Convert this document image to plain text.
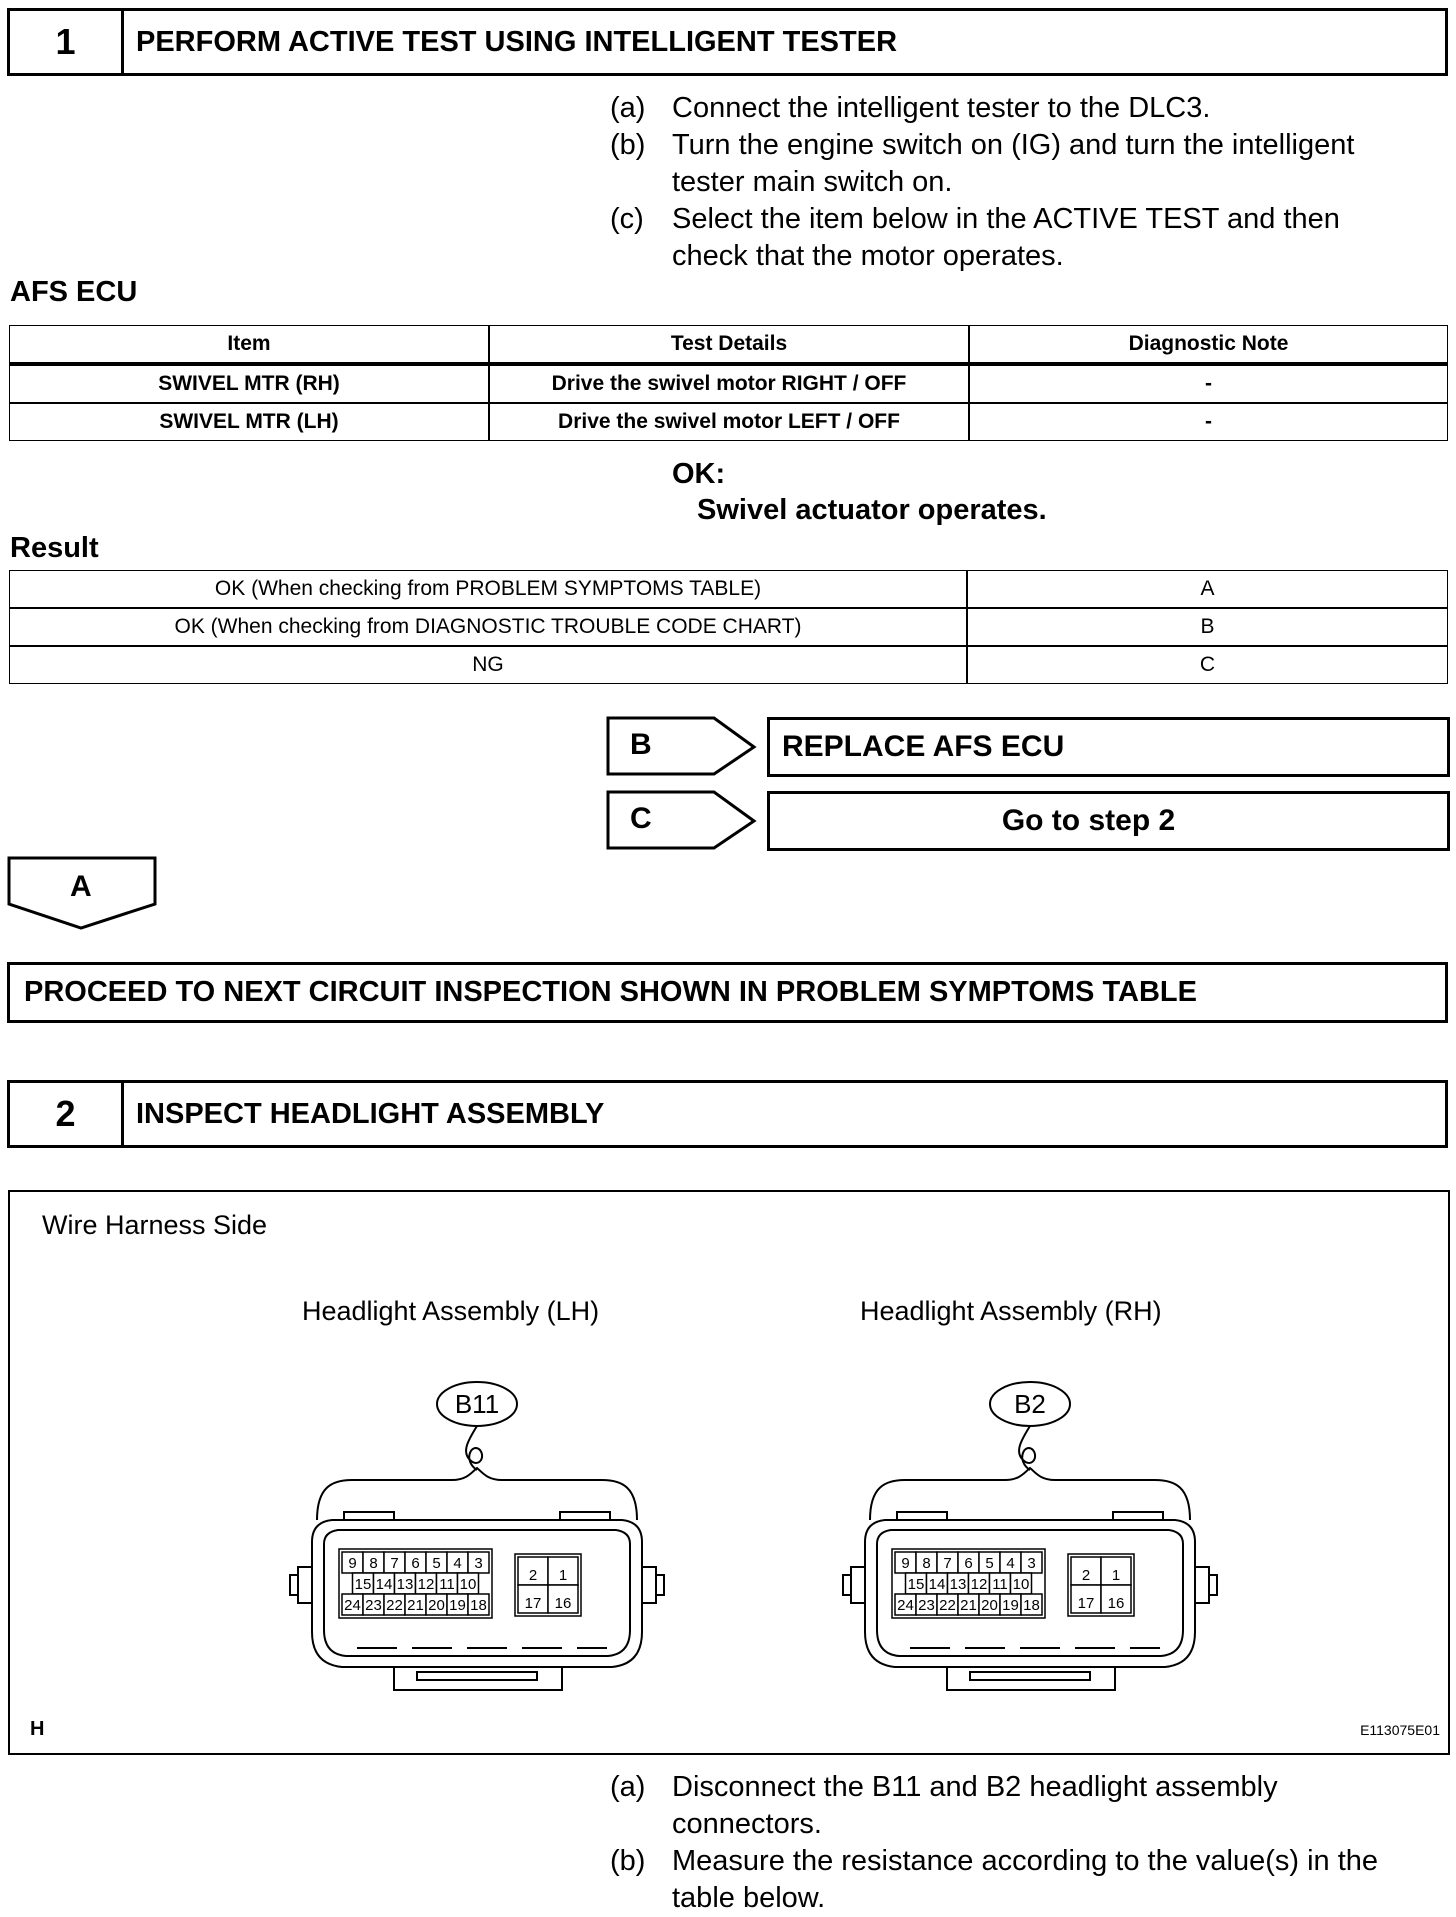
1	PERFORM ACTIVE TEST USING INTELLIGENT TESTER
(a) Connect the intelligent tester to the DLC3.
(b) Turn the engine switch on (IG) and turn the intelligent tester main switch on.
(c) Select the item below in the ACTIVE TEST and then check that the motor operates.
AFS ECU
Item	Test Details	Diagnostic Note
SWIVEL MTR (RH)	Drive the swivel motor RIGHT / OFF	-
SWIVEL MTR (LH)	Drive the swivel motor LEFT / OFF	-
OK:
Swivel actuator operates.
Result
OK (When checking from PROBLEM SYMPTOMS TABLE)	A
OK (When checking from DIAGNOSTIC TROUBLE CODE CHART)	B
NG	C
B	REPLACE AFS ECU
C	Go to step 2
A
PROCEED TO NEXT CIRCUIT INSPECTION SHOWN IN PROBLEM SYMPTOMS TABLE
2	INSPECT HEADLIGHT ASSEMBLY
Wire Harness Side
Headlight Assembly (LH)	Headlight Assembly (RH)
H	E113075E01
B11
9 8 7 6 5 4 3
15 14 13 12 11 10
24 23 22 21 20 19 18
2 1
17 16
B2
9 8 7 6 5 4 3
15 14 13 12 11 10
24 23 22 21 20 19 18
2 1
17 16
(a) Disconnect the B11 and B2 headlight assembly connectors.
(b) Measure the resistance according to the value(s) in the table below.
